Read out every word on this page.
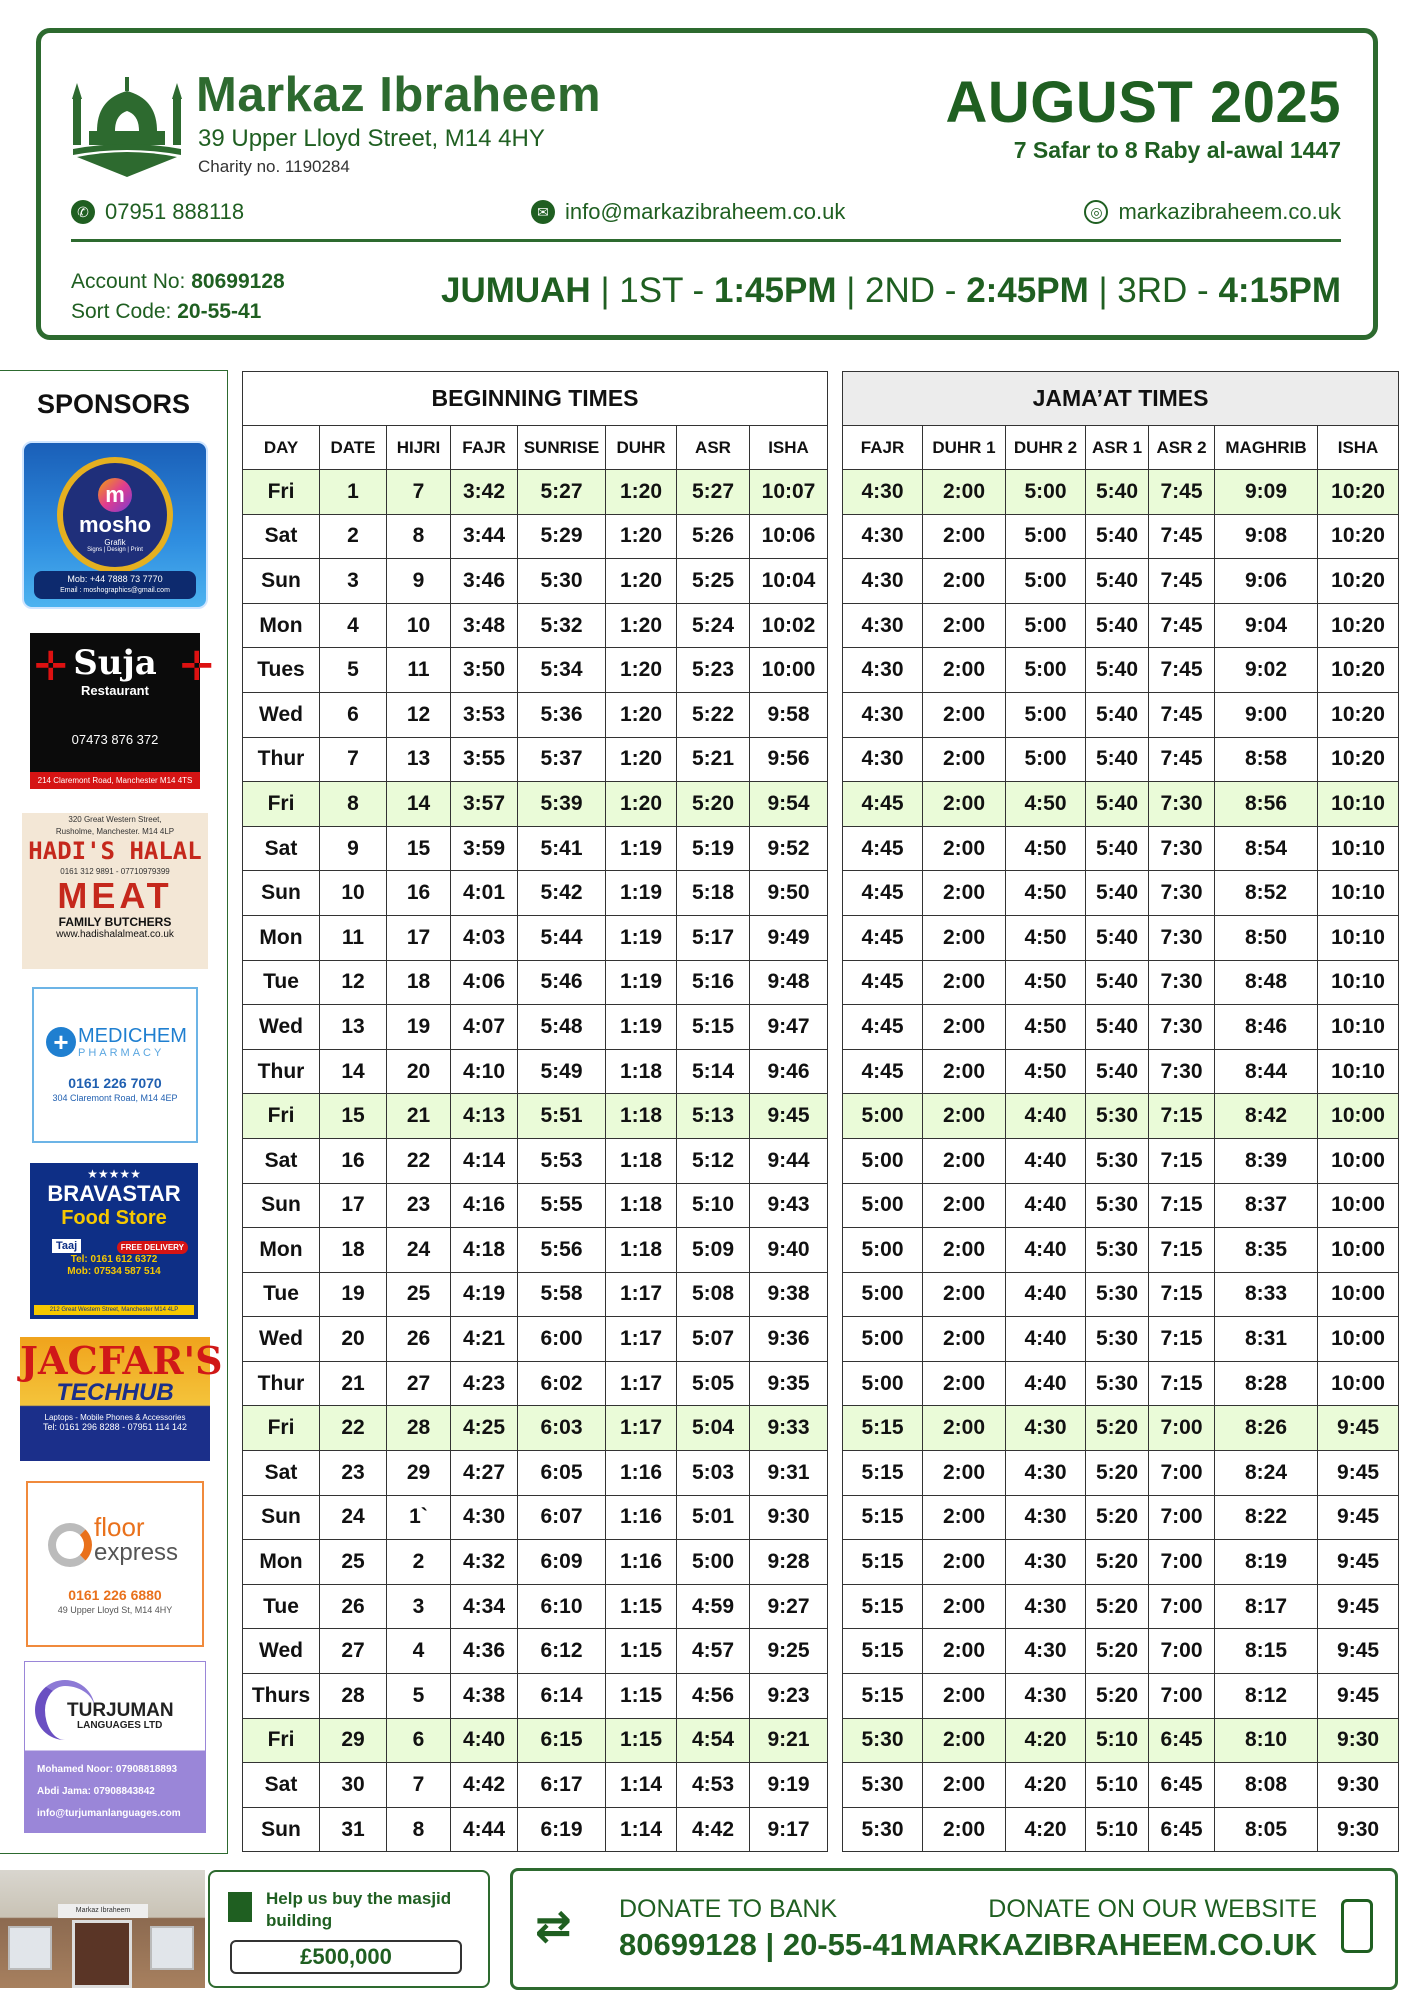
Markaz Ibraheem
39 Upper Lloyd Street, M14 4HY
Charity no. 1190284
AUGUST 2025
7 Safar to 8 Raby al-awal 1447
✆ 07951 888118	✉ info@markazibraheem.co.uk	◎ markazibraheem.co.uk
Account No: 80699128
Sort Code: 20-55-41
JUMUAH | 1ST - 1:45PM | 2ND - 2:45PM | 3RD - 4:15PM
SPONSORS
m
mosho
Grafik
Signs | Design | Print
Mob: +44 7888 73 7770
Email : moshographics@gmail.com
✛	✛
Suja
Restaurant
07473 876 372
214 Claremont Road, Manchester M14 4TS
320 Great Western Street,
Rusholme, Manchester. M14 4LP
HADI'S HALAL
0161 312 9891 - 07710979399
MEAT
FAMILY BUTCHERS
www.hadishalalmeat.co.uk
+ MEDICHEM
PHARMACY
0161 226 7070
304 Claremont Road, M14 4EP
★★★★★
BRAVASTAR
Food Store
Taaj	FREE DELIVERY
Tel: 0161 612 6372
Mob: 07534 587 514
212 Great Western Street, Manchester M14 4LP
JACFAR'S
TECHHUB
Laptops - Mobile Phones & Accessories
Tel: 0161 296 8288 - 07951 114 142
floor
express
0161 226 6880
49 Upper Lloyd St, M14 4HY
TURJUMAN
LANGUAGES LTD
Mohamed Noor: 07908818893
Abdi Jama: 07908843842
info@turjumanlanguages.com
BEGINNING TIMES							
DAY	DATE	HIJRI	FAJR	SUNRISE	DUHR	ASR	ISHA
Fri	1	7	3:42	5:27	1:20	5:27	10:07
Sat	2	8	3:44	5:29	1:20	5:26	10:06
Sun	3	9	3:46	5:30	1:20	5:25	10:04
Mon	4	10	3:48	5:32	1:20	5:24	10:02
Tues	5	11	3:50	5:34	1:20	5:23	10:00
Wed	6	12	3:53	5:36	1:20	5:22	9:58
Thur	7	13	3:55	5:37	1:20	5:21	9:56
Fri	8	14	3:57	5:39	1:20	5:20	9:54
Sat	9	15	3:59	5:41	1:19	5:19	9:52
Sun	10	16	4:01	5:42	1:19	5:18	9:50
Mon	11	17	4:03	5:44	1:19	5:17	9:49
Tue	12	18	4:06	5:46	1:19	5:16	9:48
Wed	13	19	4:07	5:48	1:19	5:15	9:47
Thur	14	20	4:10	5:49	1:18	5:14	9:46
Fri	15	21	4:13	5:51	1:18	5:13	9:45
Sat	16	22	4:14	5:53	1:18	5:12	9:44
Sun	17	23	4:16	5:55	1:18	5:10	9:43
Mon	18	24	4:18	5:56	1:18	5:09	9:40
Tue	19	25	4:19	5:58	1:17	5:08	9:38
Wed	20	26	4:21	6:00	1:17	5:07	9:36
Thur	21	27	4:23	6:02	1:17	5:05	9:35
Fri	22	28	4:25	6:03	1:17	5:04	9:33
Sat	23	29	4:27	6:05	1:16	5:03	9:31
Sun	24	1`	4:30	6:07	1:16	5:01	9:30
Mon	25	2	4:32	6:09	1:16	5:00	9:28
Tue	26	3	4:34	6:10	1:15	4:59	9:27
Wed	27	4	4:36	6:12	1:15	4:57	9:25
Thurs	28	5	4:38	6:14	1:15	4:56	9:23
Fri	29	6	4:40	6:15	1:15	4:54	9:21
Sat	30	7	4:42	6:17	1:14	4:53	9:19
Sun	31	8	4:44	6:19	1:14	4:42	9:17
JAMA’AT TIMES						
FAJR	DUHR 1	DUHR 2	ASR 1	ASR 2	MAGHRIB	ISHA
4:30	2:00	5:00	5:40	7:45	9:09	10:20
4:30	2:00	5:00	5:40	7:45	9:08	10:20
4:30	2:00	5:00	5:40	7:45	9:06	10:20
4:30	2:00	5:00	5:40	7:45	9:04	10:20
4:30	2:00	5:00	5:40	7:45	9:02	10:20
4:30	2:00	5:00	5:40	7:45	9:00	10:20
4:30	2:00	5:00	5:40	7:45	8:58	10:20
4:45	2:00	4:50	5:40	7:30	8:56	10:10
4:45	2:00	4:50	5:40	7:30	8:54	10:10
4:45	2:00	4:50	5:40	7:30	8:52	10:10
4:45	2:00	4:50	5:40	7:30	8:50	10:10
4:45	2:00	4:50	5:40	7:30	8:48	10:10
4:45	2:00	4:50	5:40	7:30	8:46	10:10
4:45	2:00	4:50	5:40	7:30	8:44	10:10
5:00	2:00	4:40	5:30	7:15	8:42	10:00
5:00	2:00	4:40	5:30	7:15	8:39	10:00
5:00	2:00	4:40	5:30	7:15	8:37	10:00
5:00	2:00	4:40	5:30	7:15	8:35	10:00
5:00	2:00	4:40	5:30	7:15	8:33	10:00
5:00	2:00	4:40	5:30	7:15	8:31	10:00
5:00	2:00	4:40	5:30	7:15	8:28	10:00
5:15	2:00	4:30	5:20	7:00	8:26	9:45
5:15	2:00	4:30	5:20	7:00	8:24	9:45
5:15	2:00	4:30	5:20	7:00	8:22	9:45
5:15	2:00	4:30	5:20	7:00	8:19	9:45
5:15	2:00	4:30	5:20	7:00	8:17	9:45
5:15	2:00	4:30	5:20	7:00	8:15	9:45
5:15	2:00	4:30	5:20	7:00	8:12	9:45
5:30	2:00	4:20	5:10	6:45	8:10	9:30
5:30	2:00	4:20	5:10	6:45	8:08	9:30
5:30	2:00	4:20	5:10	6:45	8:05	9:30
Markaz Ibraheem
Help us buy the masjid building
£500,000
⇄ DONATE TO BANK
80699128 | 20-55-41
DONATE ON OUR WEBSITE
MARKAZIBRAHEEM.CO.UK
